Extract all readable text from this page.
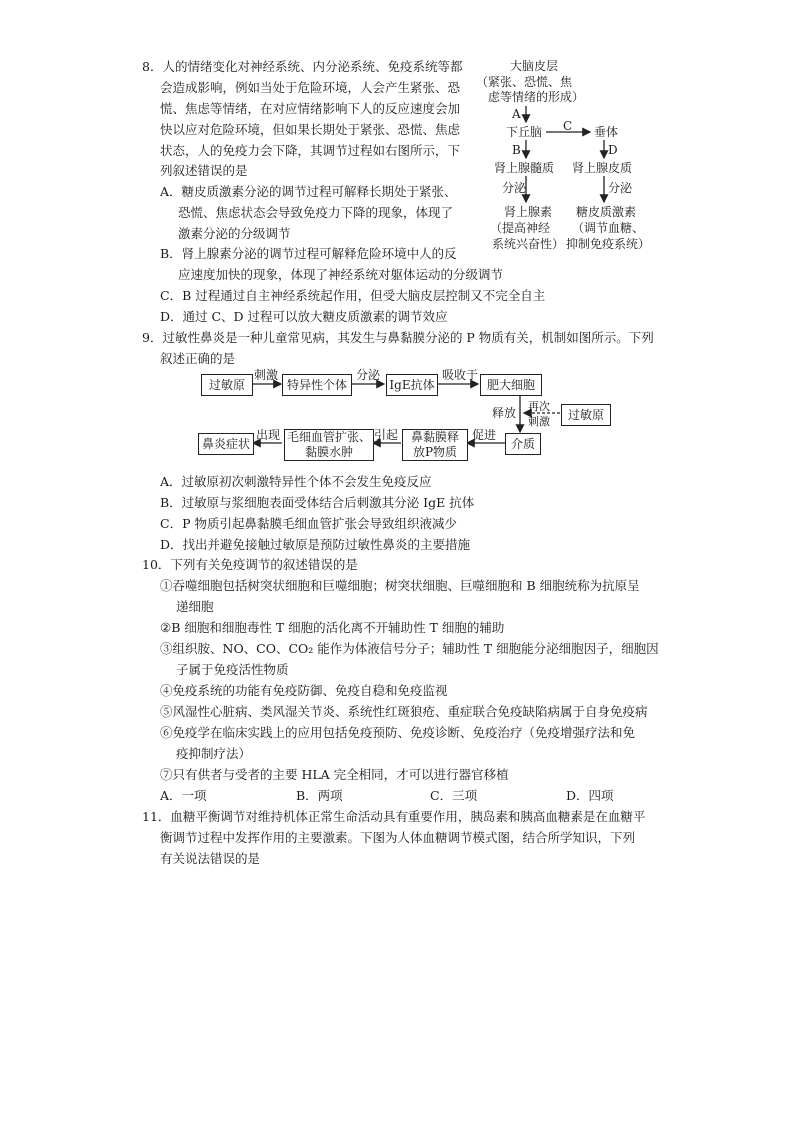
8．人的情绪变化对神经系统、内分泌系统、免疫系统等都
会造成影响，例如当处于危险环境，人会产生紧张、恐
慌、焦虑等情绪，在对应情绪影响下人的反应速度会加
快以应对危险环境，但如果长期处于紧张、恐慌、焦虑
状态，人的免疫力会下降，其调节过程如右图所示，下
列叙述错误的是
A．糖皮质激素分泌的调节过程可解释长期处于紧张、
恐慌、焦虑状态会导致免疫力下降的现象，体现了
激素分泌的分级调节
B．肾上腺素分泌的调节过程可解释危险环境中人的反
应速度加快的现象，体现了神经系统对躯体运动的分级调节
C．B 过程通过自主神经系统起作用，但受大脑皮层控制又不完全自主
D．通过 C、D 过程可以放大糖皮质激素的调节效应
大脑皮层
（紧张、恐慌、焦
虑等情绪的形成）
A
下丘脑 C 垂体
B	D
肾上腺髓质 肾上腺皮质
分泌	分泌
肾上腺素 糖皮质激素
（提高神经
系统兴奋性）
（调节血糖、
抑制免疫系统）
9．过敏性鼻炎是一种儿童常见病，其发生与鼻黏膜分泌的 P 物质有关，机制如图所示。下列
叙述正确的是
过敏原
刺激
特异性个体
分泌
IgE抗体
吸收于
肥大细胞
释放 再次
刺激	过敏原
介质
促进
鼻黏膜释
放P物质
引起
毛细血管扩张、
黏膜水肿
出现
鼻炎症状
A．过敏原初次刺激特异性个体不会发生免疫反应
B．过敏原与浆细胞表面受体结合后刺激其分泌 IgE 抗体
C．P 物质引起鼻黏膜毛细血管扩张会导致组织液减少
D．找出并避免接触过敏原是预防过敏性鼻炎的主要措施
10．下列有关免疫调节的叙述错误的是
①吞噬细胞包括树突状细胞和巨噬细胞；树突状细胞、巨噬细胞和 B 细胞统称为抗原呈
递细胞
②B 细胞和细胞毒性 T 细胞的活化离不开辅助性 T 细胞的辅助
③组织胺、NO、CO、CO₂ 能作为体液信号分子；辅助性 T 细胞能分泌细胞因子，细胞因
子属于免疫活性物质
④免疫系统的功能有免疫防御、免疫自稳和免疫监视
⑤风湿性心脏病、类风湿关节炎、系统性红斑狼疮、重症联合免疫缺陷病属于自身免疫病
⑥免疫学在临床实践上的应用包括免疫预防、免疫诊断、免疫治疗（免疫增强疗法和免
疫抑制疗法）
⑦只有供者与受者的主要 HLA 完全相同，才可以进行器官移植
A．一项	B．两项	C．三项	D．四项
11．血糖平衡调节对维持机体正常生命活动具有重要作用，胰岛素和胰高血糖素是在血糖平
衡调节过程中发挥作用的主要激素。下图为人体血糖调节模式图，结合所学知识，下列
有关说法错误的是
